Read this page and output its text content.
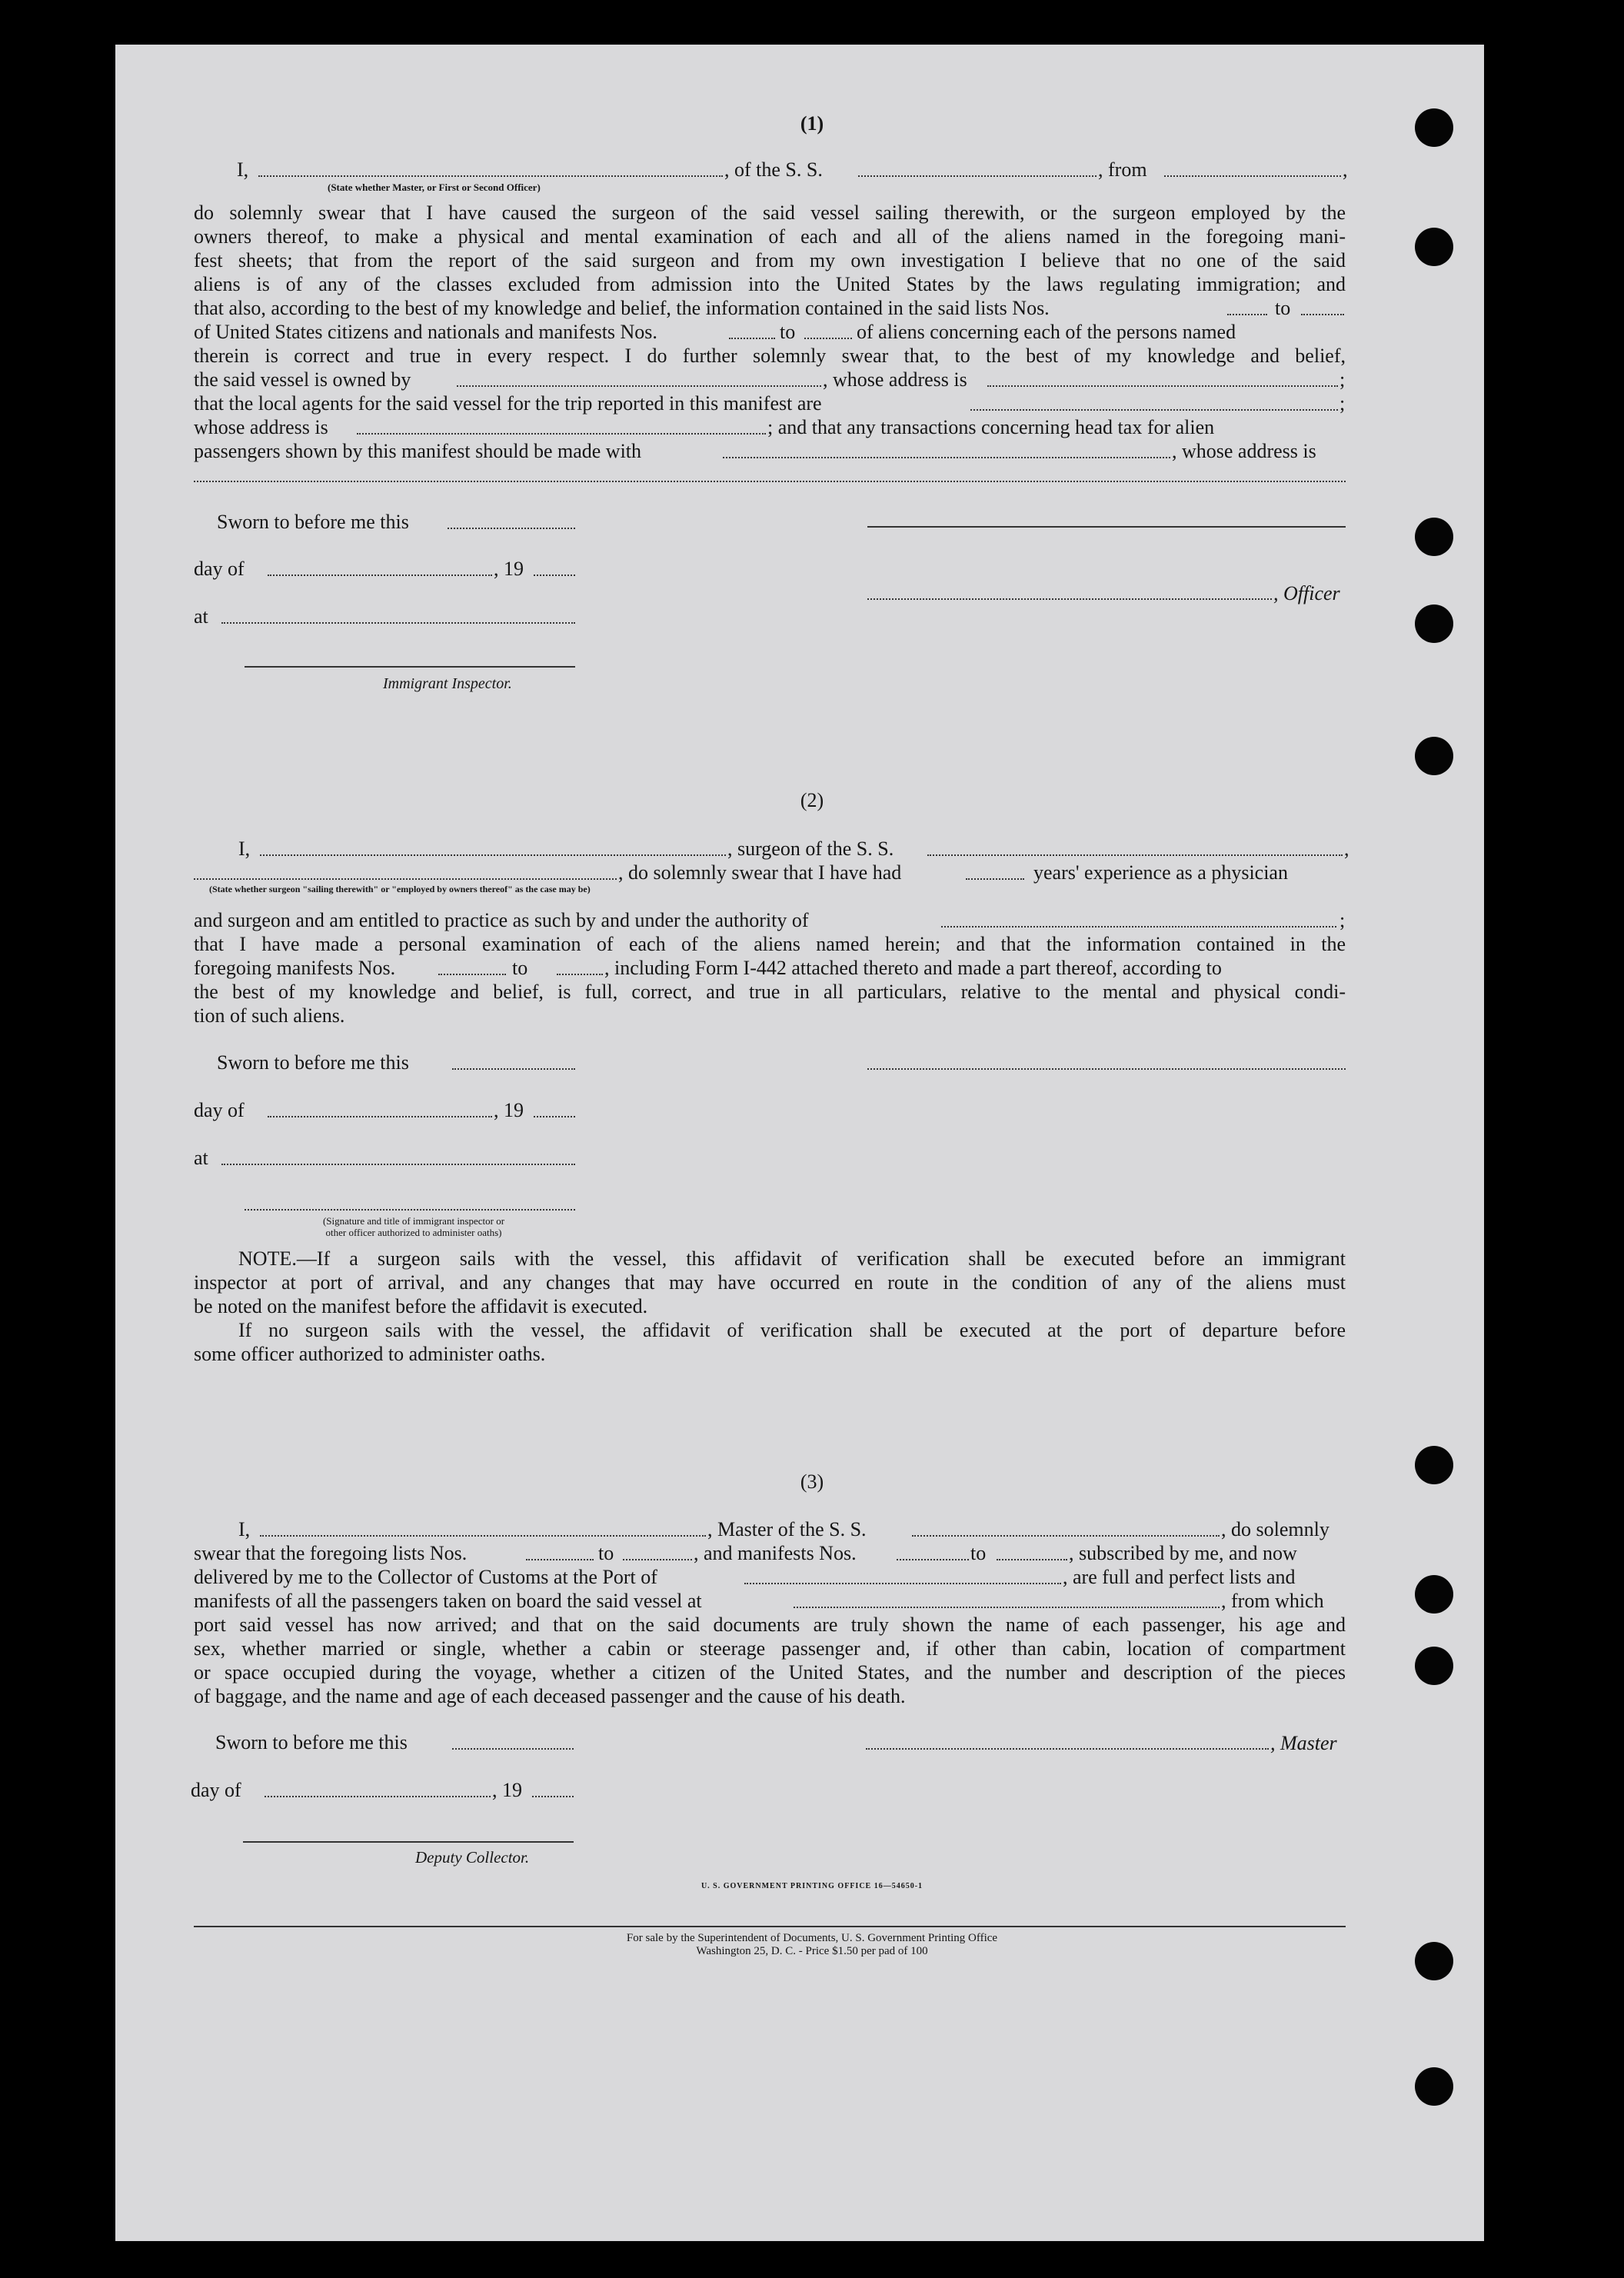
(1)
I,	, of the S. S.	, from	,
(State whether Master, or First or Second Officer)
do solemnly swear that I have caused the surgeon of the said vessel sailing therewith, or the surgeon employed by the
owners thereof, to make a physical and mental examination of each and all of the aliens named in the foregoing mani-
fest sheets; that from the report of the said surgeon and from my own investigation I believe that no one of the said
aliens is of any of the classes excluded from admission into the United States by the laws regulating immigration; and
that also, according to the best of my knowledge and belief, the information contained in the said lists Nos.	to
of United States citizens and nationals and manifests Nos.	to	of aliens concerning each of the persons named
therein is correct and true in every respect. I do further solemnly swear that, to the best of my knowledge and belief,
the said vessel is owned by	, whose address is	;
that the local agents for the said vessel for the trip reported in this manifest are	;
whose address is	; and that any transactions concerning head tax for alien
passengers shown by this manifest should be made with	, whose address is
Sworn to before me this
day of	, 19
, Officer
at
Immigrant Inspector.
(2)
I,	, surgeon of the S. S.	,
, do solemnly swear that I have had	years' experience as a physician
(State whether surgeon "sailing therewith" or "employed by owners thereof" as the case may be)
and surgeon and am entitled to practice as such by and under the authority of	;
that I have made a personal examination of each of the aliens named herein; and that the information contained in the
foregoing manifests Nos.	to	, including Form I-442 attached thereto and made a part thereof, according to
the best of my knowledge and belief, is full, correct, and true in all particulars, relative to the mental and physical condi-
tion of such aliens.
Sworn to before me this
day of	, 19
at
(Signature and title of immigrant inspector or
other officer authorized to administer oaths)
NOTE.—If a surgeon sails with the vessel, this affidavit of verification shall be executed before an immigrant
inspector at port of arrival, and any changes that may have occurred en route in the condition of any of the aliens must
be noted on the manifest before the affidavit is executed.
If no surgeon sails with the vessel, the affidavit of verification shall be executed at the port of departure before
some officer authorized to administer oaths.
(3)
I,	, Master of the S. S.	, do solemnly
swear that the foregoing lists Nos.	to	, and manifests Nos.	to	, subscribed by me, and now
delivered by me to the Collector of Customs at the Port of	, are full and perfect lists and
manifests of all the passengers taken on board the said vessel at	, from which
port said vessel has now arrived; and that on the said documents are truly shown the name of each passenger, his age and
sex, whether married or single, whether a cabin or steerage passenger and, if other than cabin, location of compartment
or space occupied during the voyage, whether a citizen of the United States, and the number and description of the pieces
of baggage, and the name and age of each deceased passenger and the cause of his death.
Sworn to before me this	, Master
day of	, 19
Deputy Collector.
U. S. GOVERNMENT PRINTING OFFICE 16—54650-1
For sale by the Superintendent of Documents, U. S. Government Printing Office
Washington 25, D. C. - Price $1.50 per pad of 100
